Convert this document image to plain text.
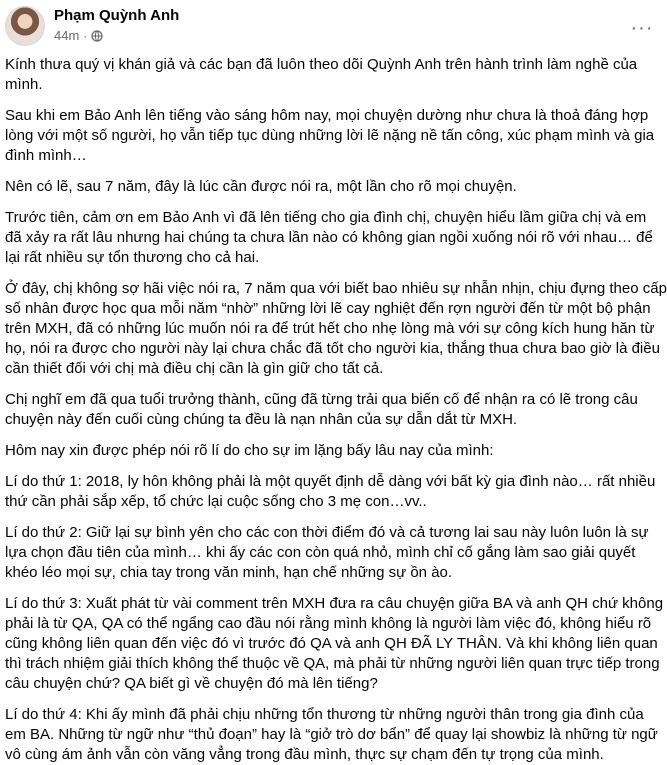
Phạm Quỳnh Anh
44m ·	···

Kính thưa quý vị khán giả và các bạn đã luôn theo dõi Quỳnh Anh trên hành trình làm nghề của mình.

Sau khi em Bảo Anh lên tiếng vào sáng hôm nay, mọi chuyện dường như chưa là thoả đáng hợp lòng với một số người, họ vẫn tiếp tục dùng những lời lẽ nặng nề tấn công, xúc phạm mình và gia đình mình…

Nên có lẽ, sau 7 năm, đây là lúc cần được nói ra, một lần cho rõ mọi chuyện.

Trước tiên, cảm ơn em Bảo Anh vì đã lên tiếng cho gia đình chị, chuyện hiểu lầm giữa chị và em đã xảy ra rất lâu nhưng hai chúng ta chưa lần nào có không gian ngồi xuống nói rõ với nhau… để lại rất nhiều sự tổn thương cho cả hai.

Ở đây, chị không sợ hãi việc nói ra, 7 năm qua với biết bao nhiêu sự nhẫn nhịn, chịu đựng theo cấp số nhân được học qua mỗi năm “nhờ” những lời lẽ cay nghiệt đến rợn người đến từ một bộ phận trên MXH, đã có những lúc muốn nói ra để trút hết cho nhẹ lòng mà với sự công kích hung hăn từ họ, nói ra được cho người này lại chưa chắc đã tốt cho người kia, thắng thua chưa bao giờ là điều cần thiết đối với chị mà điều chị cần là gìn giữ cho tất cả.

Chị nghĩ em đã qua tuổi trưởng thành, cũng đã từng trải qua biến cố để nhận ra có lẽ trong câu chuyện này đến cuối cùng chúng ta đều là nạn nhân của sự dẫn dắt từ MXH.

Hôm nay xin được phép nói rõ lí do cho sự im lặng bấy lâu nay của mình:

Lí do thứ 1: 2018, ly hôn không phải là một quyết định dễ dàng với bất kỳ gia đình nào… rất nhiều thứ cần phải sắp xếp, tổ chức lại cuộc sống cho 3 mẹ con…vv..

Lí do thứ 2: Giữ lại sự bình yên cho các con thời điểm đó và cả tương lai sau này luôn luôn là sự lựa chọn đầu tiên của mình… khi ấy các con còn quá nhỏ, mình chỉ cố gắng làm sao giải quyết khéo léo mọi sự, chia tay trong văn minh, hạn chế những sự ồn ào.

Lí do thứ 3: Xuất phát từ vài comment trên MXH đưa ra câu chuyện giữa BA và anh QH chứ không phải là từ QA, QA có thể ngẩng cao đầu nói rằng mình không là người làm việc đó, không hiểu rõ cũng không liên quan đến việc đó vì trước đó QA và anh QH ĐÃ LY THÂN. Và khi không liên quan thì trách nhiệm giải thích không thể thuộc về QA, mà phải từ những người liên quan trực tiếp trong câu chuyện chứ? QA biết gì về chuyện đó mà lên tiếng?

Lí do thứ 4: Khi ấy mình đã phải chịu những tổn thương từ những người thân trong gia đình của em BA. Những từ ngữ như “thủ đoạn” hay là “giở trò dơ bẩn” để quay lại showbiz là những từ ngữ vô cùng ám ảnh vẫn còn văng vẳng trong đầu mình, thực sự chạm đến tự trọng của mình.
